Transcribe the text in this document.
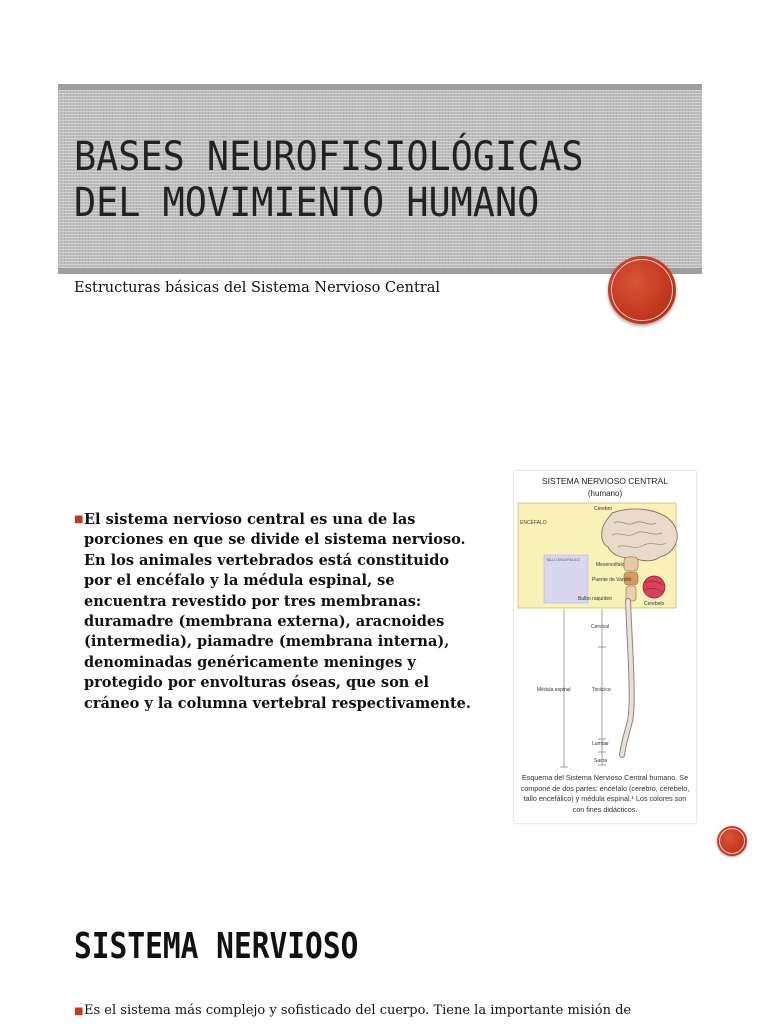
BASES NEUROFISIOLÓGICAS DEL MOVIMIENTO HUMANO

Estructuras básicas del Sistema Nervioso Central

■ El sistema nervioso central es una de las porciones en que se divide el sistema nervioso. En los animales vertebrados está constituido por el encéfalo y la médula espinal, se encuentra revestido por tres membranas: duramadre (membrana externa), aracnoides (intermedia), piamadre (membrana interna), denominadas genéricamente meninges y protegido por envolturas óseas, que son el cráneo y la columna vertebral respectivamente.
SISTEMA NERVIOSO CENTRAL
(humano)
ENCÉFALO
Cerebro
TALLO ENCEFÁLICO
Mesencéfalo
Puente de Varolio
Bulbo raquídeo
Cerebelo
Cervical
Médula espinal	Torácica
Lumbar
Sacra
Esquema del Sistema Nervioso Central humano. Se compone de dos partes: encéfalo (cerebro, cerebelo, tallo encefálico) y médula espinal.¹ Los colores son con fines didácticos.
SISTEMA NERVIOSO
■ Es el sistema más complejo y sofisticado del cuerpo. Tiene la importante misión de
